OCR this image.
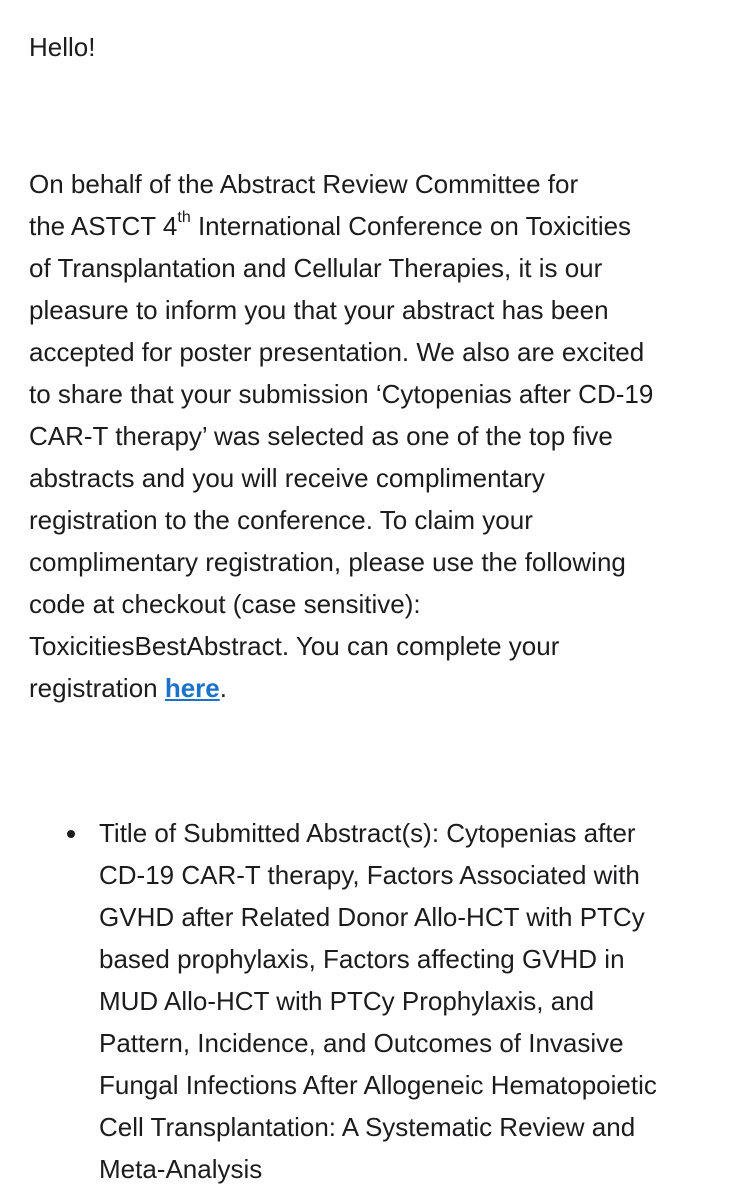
Hello!

On behalf of the Abstract Review Committee for
the ASTCT 4th International Conference on Toxicities
of Transplantation and Cellular Therapies, it is our
pleasure to inform you that your abstract has been
accepted for poster presentation. We also are excited
to share that your submission ‘Cytopenias after CD-19
CAR-T therapy’ was selected as one of the top five
abstracts and you will receive complimentary
registration to the conference. To claim your
complimentary registration, please use the following
code at checkout (case sensitive):
ToxicitiesBestAbstract. You can complete your
registration here.

Title of Submitted Abstract(s): Cytopenias after
CD-19 CAR-T therapy, Factors Associated with
GVHD after Related Donor Allo-HCT with PTCy
based prophylaxis, Factors affecting GVHD in
MUD Allo-HCT with PTCy Prophylaxis, and
Pattern, Incidence, and Outcomes of Invasive
Fungal Infections After Allogeneic Hematopoietic
Cell Transplantation: A Systematic Review and
Meta-Analysis
